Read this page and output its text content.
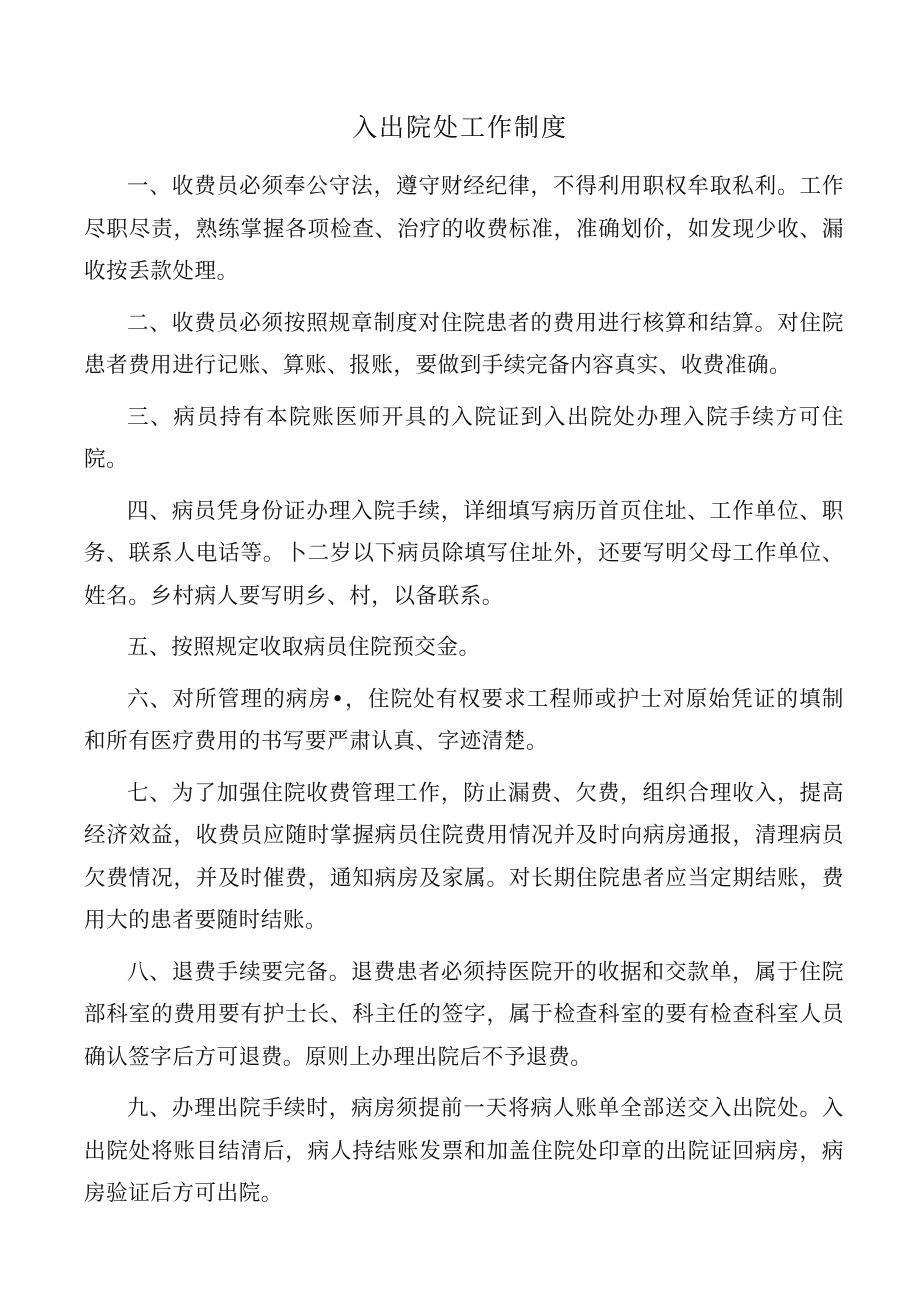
入出院处工作制度

一、收费员必须奉公守法，遵守财经纪律，不得利用职权牟取私利。工作尽职尽责，熟练掌握各项检查、治疗的收费标准，准确划价，如发现少收、漏收按丢款处理。

二、收费员必须按照规章制度对住院患者的费用进行核算和结算。对住院患者费用进行记账、算账、报账，要做到手续完备内容真实、收费准确。

三、病员持有本院账医师开具的入院证到入出院处办理入院手续方可住院。

四、病员凭身份证办理入院手续，详细填写病历首页住址、工作单位、职务、联系人电话等。卜二岁以下病员除填写住址外，还要写明父母工作单位、姓名。乡村病人要写明乡、村，以备联系。

五、按照规定收取病员住院预交金。

六、对所管理的病房•，住院处有权要求工程师或护士对原始凭证的填制和所有医疗费用的书写要严肃认真、字迹清楚。

七、为了加强住院收费管理工作，防止漏费、欠费，组织合理收入，提高经济效益，收费员应随时掌握病员住院费用情况并及时向病房通报，清理病员欠费情况，并及时催费，通知病房及家属。对长期住院患者应当定期结账，费用大的患者要随时结账。

八、退费手续要完备。退费患者必须持医院开的收据和交款单，属于住院部科室的费用要有护士长、科主任的签字，属于检查科室的要有检查科室人员确认签字后方可退费。原则上办理出院后不予退费。

九、办理出院手续时，病房须提前一天将病人账单全部送交入出院处。入出院处将账目结清后，病人持结账发票和加盖住院处印章的出院证回病房，病房验证后方可出院。
